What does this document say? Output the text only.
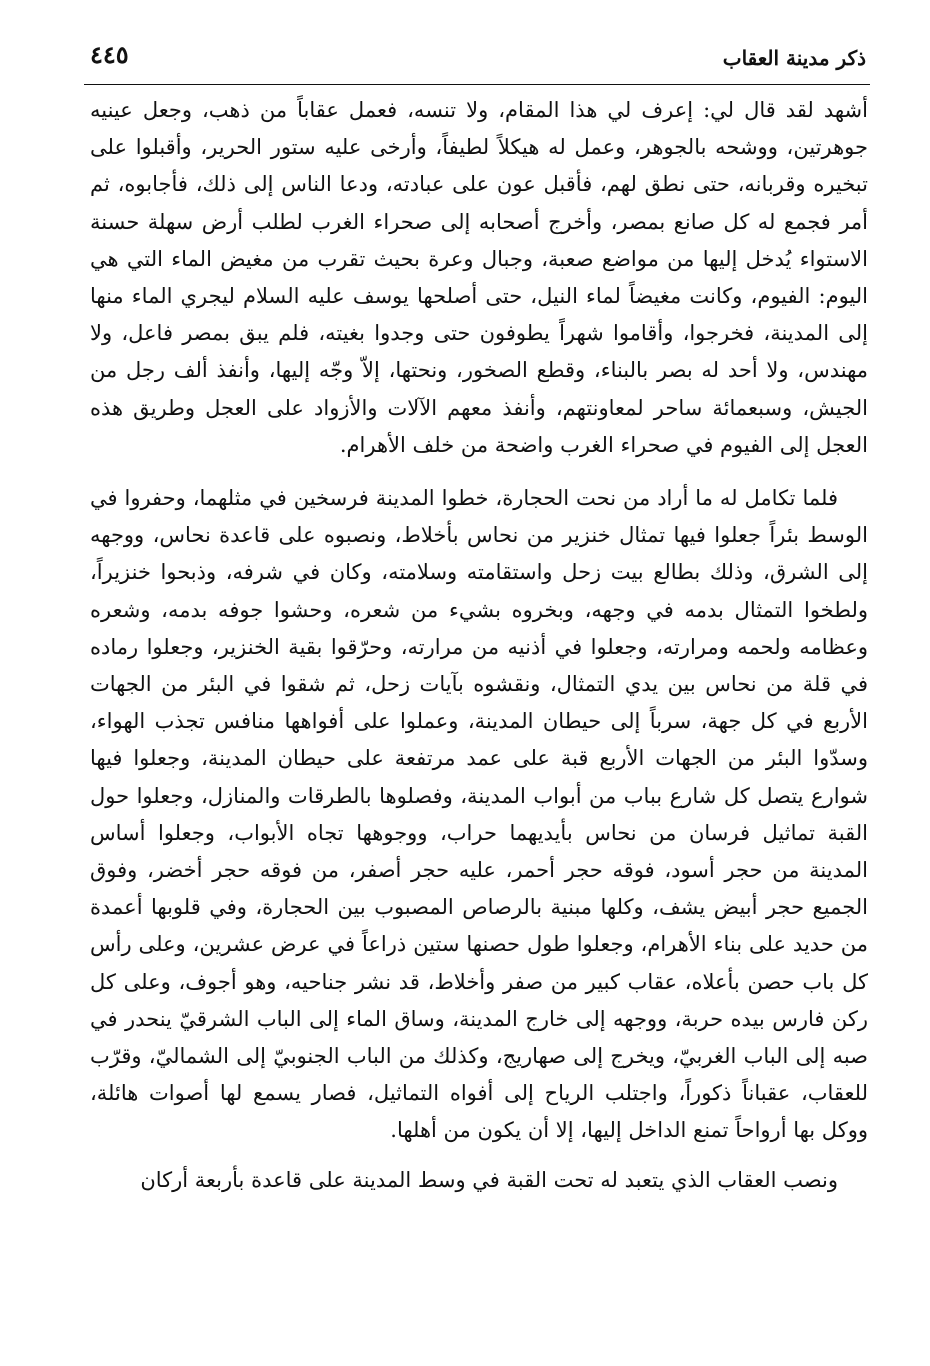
ذكر مدينة العقاب
٤٤٥

أشهد لقد قال لي: إعرف لي هذا المقام، ولا تنسه، فعمل عقاباً من ذهب، وجعل عينيه جوهرتين، ووشحه بالجوهر، وعمل له هيكلاً لطيفاً، وأرخى عليه ستور الحرير، وأقبلوا على تبخيره وقربانه، حتى نطق لهم، فأقبل عون على عبادته، ودعا الناس إلى ذلك، فأجابوه، ثم أمر فجمع له كل صانع بمصر، وأخرج أصحابه إلى صحراء الغرب لطلب أرض سهلة حسنة الاستواء يُدخل إليها من مواضع صعبة، وجبال وعرة بحيث تقرب من مغيض الماء التي هي اليوم: الفيوم، وكانت مغيضاً لماء النيل، حتى أصلحها يوسف عليه السلام ليجري الماء منها إلى المدينة، فخرجوا، وأقاموا شهراً يطوفون حتى وجدوا بغيته، فلم يبق بمصر فاعل، ولا مهندس، ولا أحد له بصر بالبناء، وقطع الصخور، ونحتها، إلاّ وجّه إليها، وأنفذ ألف رجل من الجيش، وسبعمائة ساحر لمعاونتهم، وأنفذ معهم الآلات والأزواد على العجل وطريق هذه العجل إلى الفيوم في صحراء الغرب واضحة من خلف الأهرام.

فلما تكامل له ما أراد من نحت الحجارة، خطوا المدينة فرسخين في مثلهما، وحفروا في الوسط بئراً جعلوا فيها تمثال خنزير من نحاس بأخلاط، ونصبوه على قاعدة نحاس، ووجهه إلى الشرق، وذلك بطالع بيت زحل واستقامته وسلامته، وكان في شرفه، وذبحوا خنزيراً، ولطخوا التمثال بدمه في وجهه، وبخروه بشيء من شعره، وحشوا جوفه بدمه، وشعره وعظامه ولحمه ومرارته، وجعلوا في أذنيه من مرارته، وحرّقوا بقية الخنزير، وجعلوا رماده في قلة من نحاس بين يدي التمثال، ونقشوه بآيات زحل، ثم شقوا في البئر من الجهات الأربع في كل جهة، سرباً إلى حيطان المدينة، وعملوا على أفواهها منافس تجذب الهواء، وسدّوا البئر من الجهات الأربع قبة على عمد مرتفعة على حيطان المدينة، وجعلوا فيها شوارع يتصل كل شارع بباب من أبواب المدينة، وفصلوها بالطرقات والمنازل، وجعلوا حول القبة تماثيل فرسان من نحاس بأيديهما حراب، ووجوهها تجاه الأبواب، وجعلوا أساس المدينة من حجر أسود، فوقه حجر أحمر، عليه حجر أصفر، من فوقه حجر أخضر، وفوق الجميع حجر أبيض يشف، وكلها مبنية بالرصاص المصبوب بين الحجارة، وفي قلوبها أعمدة من حديد على بناء الأهرام، وجعلوا طول حصنها ستين ذراعاً في عرض عشرين، وعلى رأس كل باب حصن بأعلاه، عقاب كبير من صفر وأخلاط، قد نشر جناحيه، وهو أجوف، وعلى كل ركن فارس بيده حربة، ووجهه إلى خارج المدينة، وساق الماء إلى الباب الشرقيّ ينحدر في صبه إلى الباب الغربيّ، ويخرج إلى صهاريج، وكذلك من الباب الجنوبيّ إلى الشماليّ، وقرّب للعقاب، عقباناً ذكوراً، واجتلب الرياح إلى أفواه التماثيل، فصار يسمع لها أصوات هائلة، ووكل بها أرواحاً تمنع الداخل إليها، إلا أن يكون من أهلها.

ونصب العقاب الذي يتعبد له تحت القبة في وسط المدينة على قاعدة بأربعة أركان
